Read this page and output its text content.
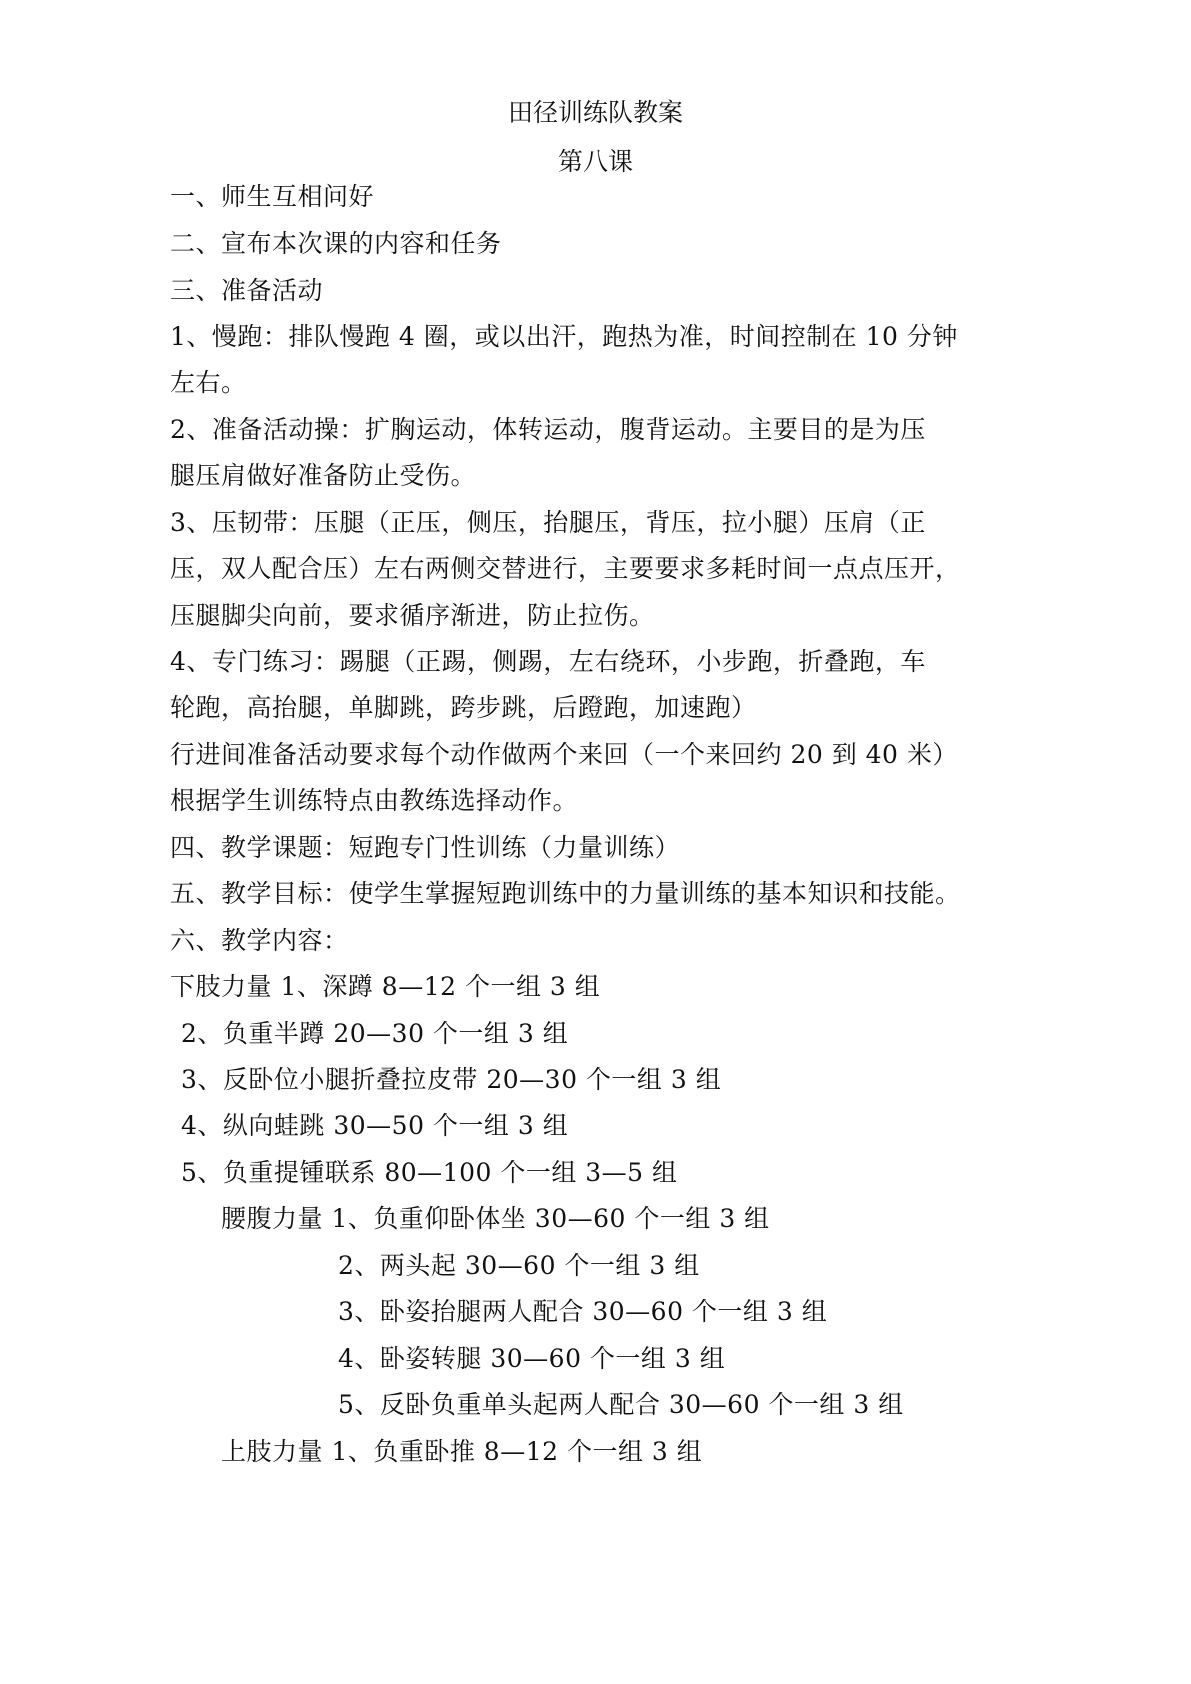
田径训练队教案
第八课
一、师生互相问好
二、宣布本次课的内容和任务
三、准备活动
1、慢跑：排队慢跑 4 圈，或以出汗，跑热为准，时间控制在 10 分钟
左右。
2、准备活动操：扩胸运动，体转运动，腹背运动。主要目的是为压
腿压肩做好准备防止受伤。
3、压韧带：压腿（正压，侧压，抬腿压，背压，拉小腿）压肩（正
压，双人配合压）左右两侧交替进行，主要要求多耗时间一点点压开，
压腿脚尖向前，要求循序渐进，防止拉伤。
4、专门练习：踢腿（正踢，侧踢，左右绕环，小步跑，折叠跑，车
轮跑，高抬腿，单脚跳，跨步跳，后蹬跑，加速跑）
行进间准备活动要求每个动作做两个来回（一个来回约 20 到 40 米）
根据学生训练特点由教练选择动作。
四、教学课题：短跑专门性训练（力量训练）
五、教学目标：使学生掌握短跑训练中的力量训练的基本知识和技能。
六、教学内容：
下肢力量 1、深蹲 8—12 个一组 3 组
2、负重半蹲 20—30 个一组 3 组
3、反卧位小腿折叠拉皮带 20—30 个一组 3 组
4、纵向蛙跳 30—50 个一组 3 组
5、负重提锺联系 80—100 个一组 3—5 组
腰腹力量 1、负重仰卧体坐 30—60 个一组 3 组
2、两头起 30—60 个一组 3 组
3、卧姿抬腿两人配合 30—60 个一组 3 组
4、卧姿转腿 30—60 个一组 3 组
5、反卧负重单头起两人配合 30—60 个一组 3 组
上肢力量 1、负重卧推 8—12 个一组 3 组
